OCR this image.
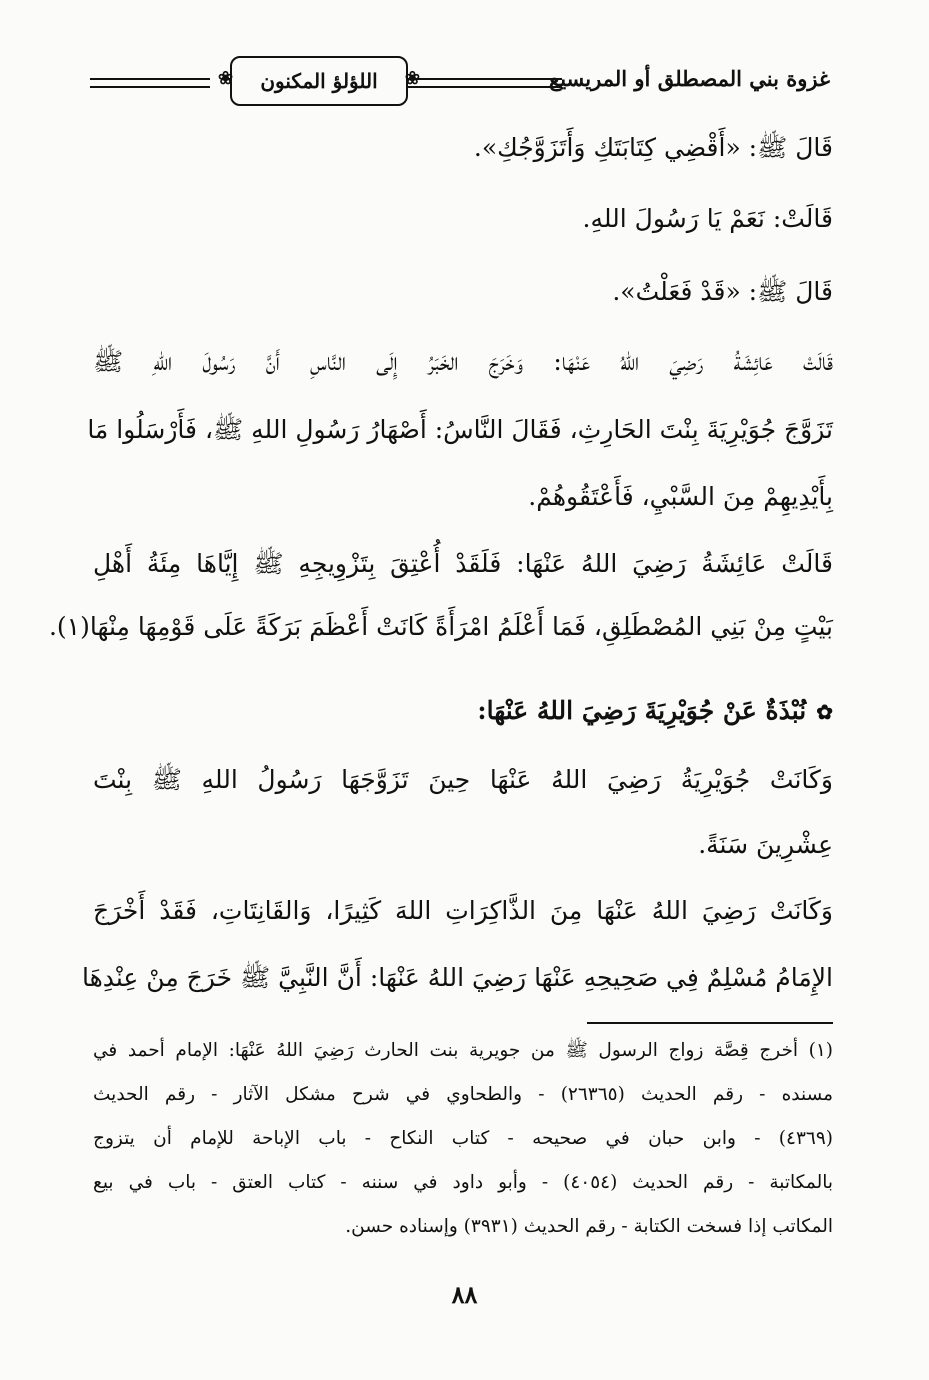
غزوة بني المصطلق أو المريسيع
❀ اللؤلؤ المكنون
❀
قَالَ ﷺ: «أَقْضِي كِتَابَتَكِ وَأَتَزَوَّجُكِ».
قَالَتْ: نَعَمْ يَا رَسُولَ اللهِ.
قَالَ ﷺ: «قَدْ فَعَلْتُ».
قَالَتْ عَائِشَةُ رَضِيَ اللهُ عَنْهَا: وَخَرَجَ الخَبَرُ إِلَى النَّاسِ أَنَّ رَسُولَ اللهِ ﷺ
تَزَوَّجَ جُوَيْرِيَةَ بِنْتَ الحَارِثِ، فَقَالَ النَّاسُ: أَصْهَارُ رَسُولِ اللهِ ﷺ، فَأَرْسَلُوا مَا
بِأَيْدِيهِمْ مِنَ السَّبْيِ، فَأَعْتَقُوهُمْ.
قَالَتْ عَائِشَةُ رَضِيَ اللهُ عَنْهَا: فَلَقَدْ أُعْتِقَ بِتَزْوِيجِهِ ﷺ إِيَّاهَا مِئَةُ أَهْلِ
بَيْتٍ مِنْ بَنِي المُصْطَلِقِ، فَمَا أَعْلَمُ امْرَأَةً كَانَتْ أَعْظَمَ بَرَكَةً عَلَى قَوْمِهَا مِنْهَا(١).
✿نُبْذَةٌ عَنْ جُوَيْرِيَةَ رَضِيَ اللهُ عَنْهَا:
وَكَانَتْ جُوَيْرِيَةُ رَضِيَ اللهُ عَنْهَا حِينَ تَزَوَّجَهَا رَسُولُ اللهِ ﷺ بِنْتَ
عِشْرِينَ سَنَةً.
وَكَانَتْ رَضِيَ اللهُ عَنْهَا مِنَ الذَّاكِرَاتِ اللهَ كَثِيرًا، وَالقَانِتَاتِ، فَقَدْ أَخْرَجَ
الإِمَامُ مُسْلِمٌ فِي صَحِيحِهِ عَنْهَا رَضِيَ اللهُ عَنْهَا: أَنَّ النَّبِيَّ ﷺ خَرَجَ مِنْ عِنْدِهَا
(١) أخرج قِصَّة زواج الرسول ﷺ من جويرية بنت الحارث رَضِيَ اللهُ عَنْهَا: الإمام أحمد في
مسنده - رقم الحديث (٢٦٣٦٥) - والطحاوي في شرح مشكل الآثار - رقم الحديث
(٤٣٦٩) - وابن حبان في صحيحه - كتاب النكاح - باب الإباحة للإمام أن يتزوج
بالمكاتبة - رقم الحديث (٤٠٥٤) - وأبو داود في سننه - كتاب العتق - باب في بيع
المكاتب إذا فسخت الكتابة - رقم الحديث (٣٩٣١) وإسناده حسن.
٨٨
